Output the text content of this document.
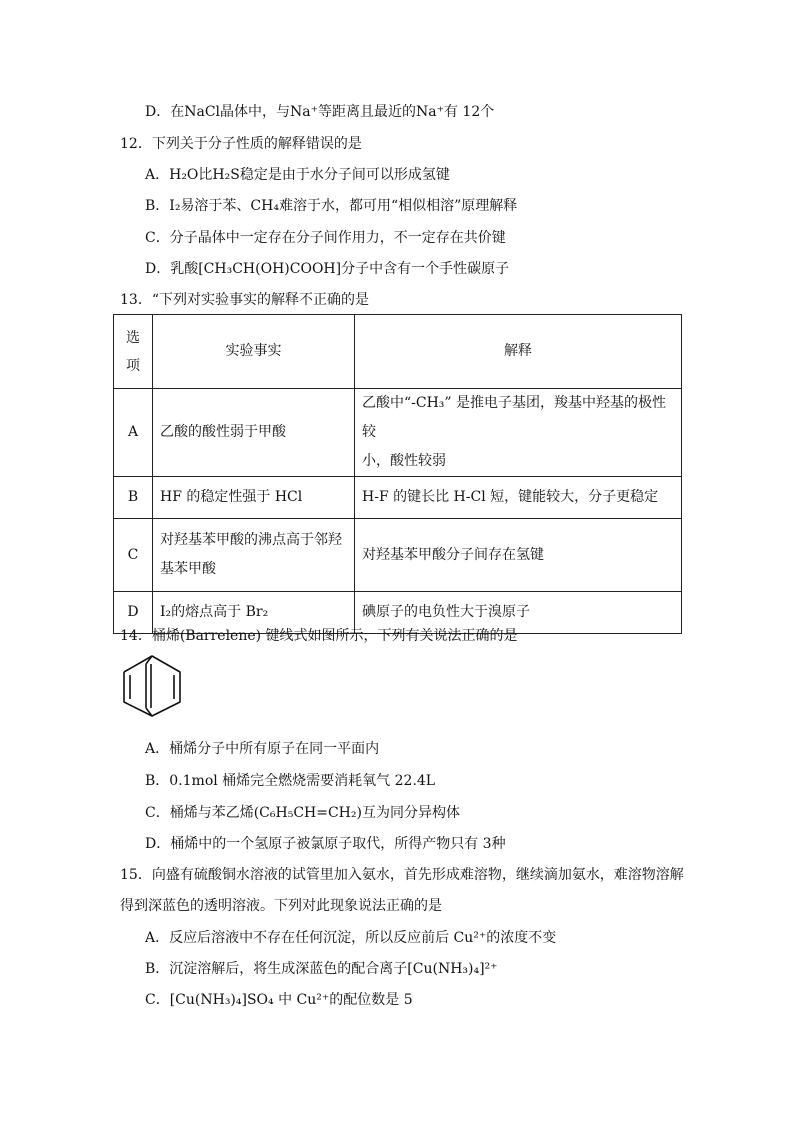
D．在NaCl晶体中，与Na⁺等距离且最近的Na⁺有 12个
12．下列关于分子性质的解释错误的是
A．H₂O比H₂S稳定是由于水分子间可以形成氢键
B．I₂易溶于苯、CH₄难溶于水，都可用“相似相溶”原理解释
C．分子晶体中一定存在分子间作用力，不一定存在共价键
D．乳酸[CH₃CH(OH)COOH]分子中含有一个手性碳原子
13．“下列对实验事实的解释不正确的是
选
项	实验事实	解释
A	乙酸的酸性弱于甲酸	乙酸中“-CH₃” 是推电子基团，羧基中羟基的极性较
小，酸性较弱

B	HF 的稳定性强于 HCl	H-F 的键长比 H-Cl 短，键能较大，分子更稳定
C	对羟基苯甲酸的沸点高于邻羟
基苯甲酸	对羟基苯甲酸分子间存在氢键
D	I₂的熔点高于 Br₂	碘原子的电负性大于溴原子
14．桶烯(Barrelene) 键线式如图所示，下列有关说法正确的是
A．桶烯分子中所有原子在同一平面内
B．0.1mol 桶烯完全燃烧需要消耗氧气 22.4L
C．桶烯与苯乙烯(C₆H₅CH=CH₂)互为同分异构体
D．桶烯中的一个氢原子被氯原子取代，所得产物只有 3种
15．向盛有硫酸铜水溶液的试管里加入氨水，首先形成难溶物，继续滴加氨水，难溶物溶解
得到深蓝色的透明溶液。下列对此现象说法正确的是
A．反应后溶液中不存在任何沉淀，所以反应前后 Cu²⁺的浓度不变
B．沉淀溶解后，将生成深蓝色的配合离子[Cu(NH₃)₄]²⁺
C．[Cu(NH₃)₄]SO₄ 中 Cu²⁺的配位数是 5
